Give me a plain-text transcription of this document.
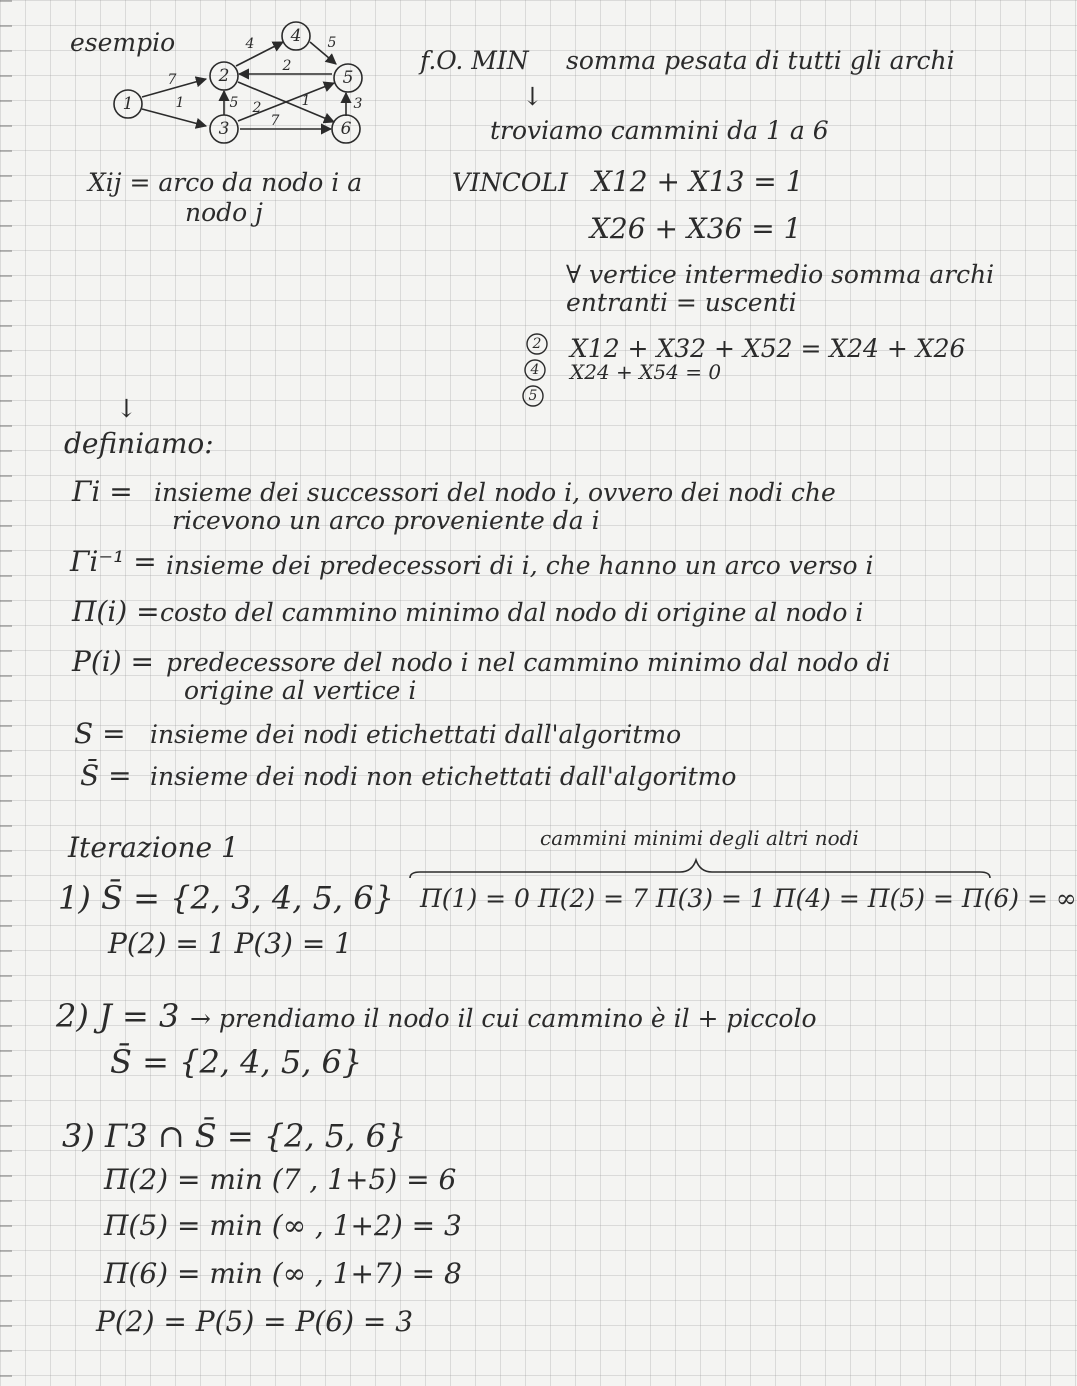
esempio
1
2
3
4
5
6
7
1
4	5
2
5 2	1
7
3
Xij = arco da nodo i a
nodo j
f.O. MIN somma pesata di tutti gli archi
↓
troviamo cammini da 1 a 6
VINCOLI X12 + X13 = 1
X26 + X36 = 1
∀ vertice intermedio somma archi
entranti = uscenti
2
4
5
X12 + X32 + X52 = X24 + X26
X24 + X54 = 0
↓
definiamo:
Γi = insieme dei successori del nodo i, ovvero dei nodi che
ricevono un arco proveniente da i
Γi⁻¹ = insieme dei predecessori di i, che hanno un arco verso i
Π(i) = costo del cammino minimo dal nodo di origine al nodo i
P(i) = predecessore del nodo i nel cammino minimo dal nodo di
origine al vertice i
S = insieme dei nodi etichettati dall'algoritmo
S̄ = insieme dei nodi non etichettati dall'algoritmo
Iterazione 1	cammini minimi degli altri nodi
1) S̄ = {2, 3, 4, 5, 6} Π(1) = 0 Π(2) = 7 Π(3) = 1 Π(4) = Π(5) = Π(6) = ∞
P(2) = 1 P(3) = 1
2) J = 3 → prendiamo il nodo il cui cammino è il + piccolo
S̄ = {2, 4, 5, 6}
3) Γ3 ∩ S̄ = {2, 5, 6}
Π(2) = min (7 , 1+5) = 6
Π(5) = min (∞ , 1+2) = 3
Π(6) = min (∞ , 1+7) = 8
P(2) = P(5) = P(6) = 3
